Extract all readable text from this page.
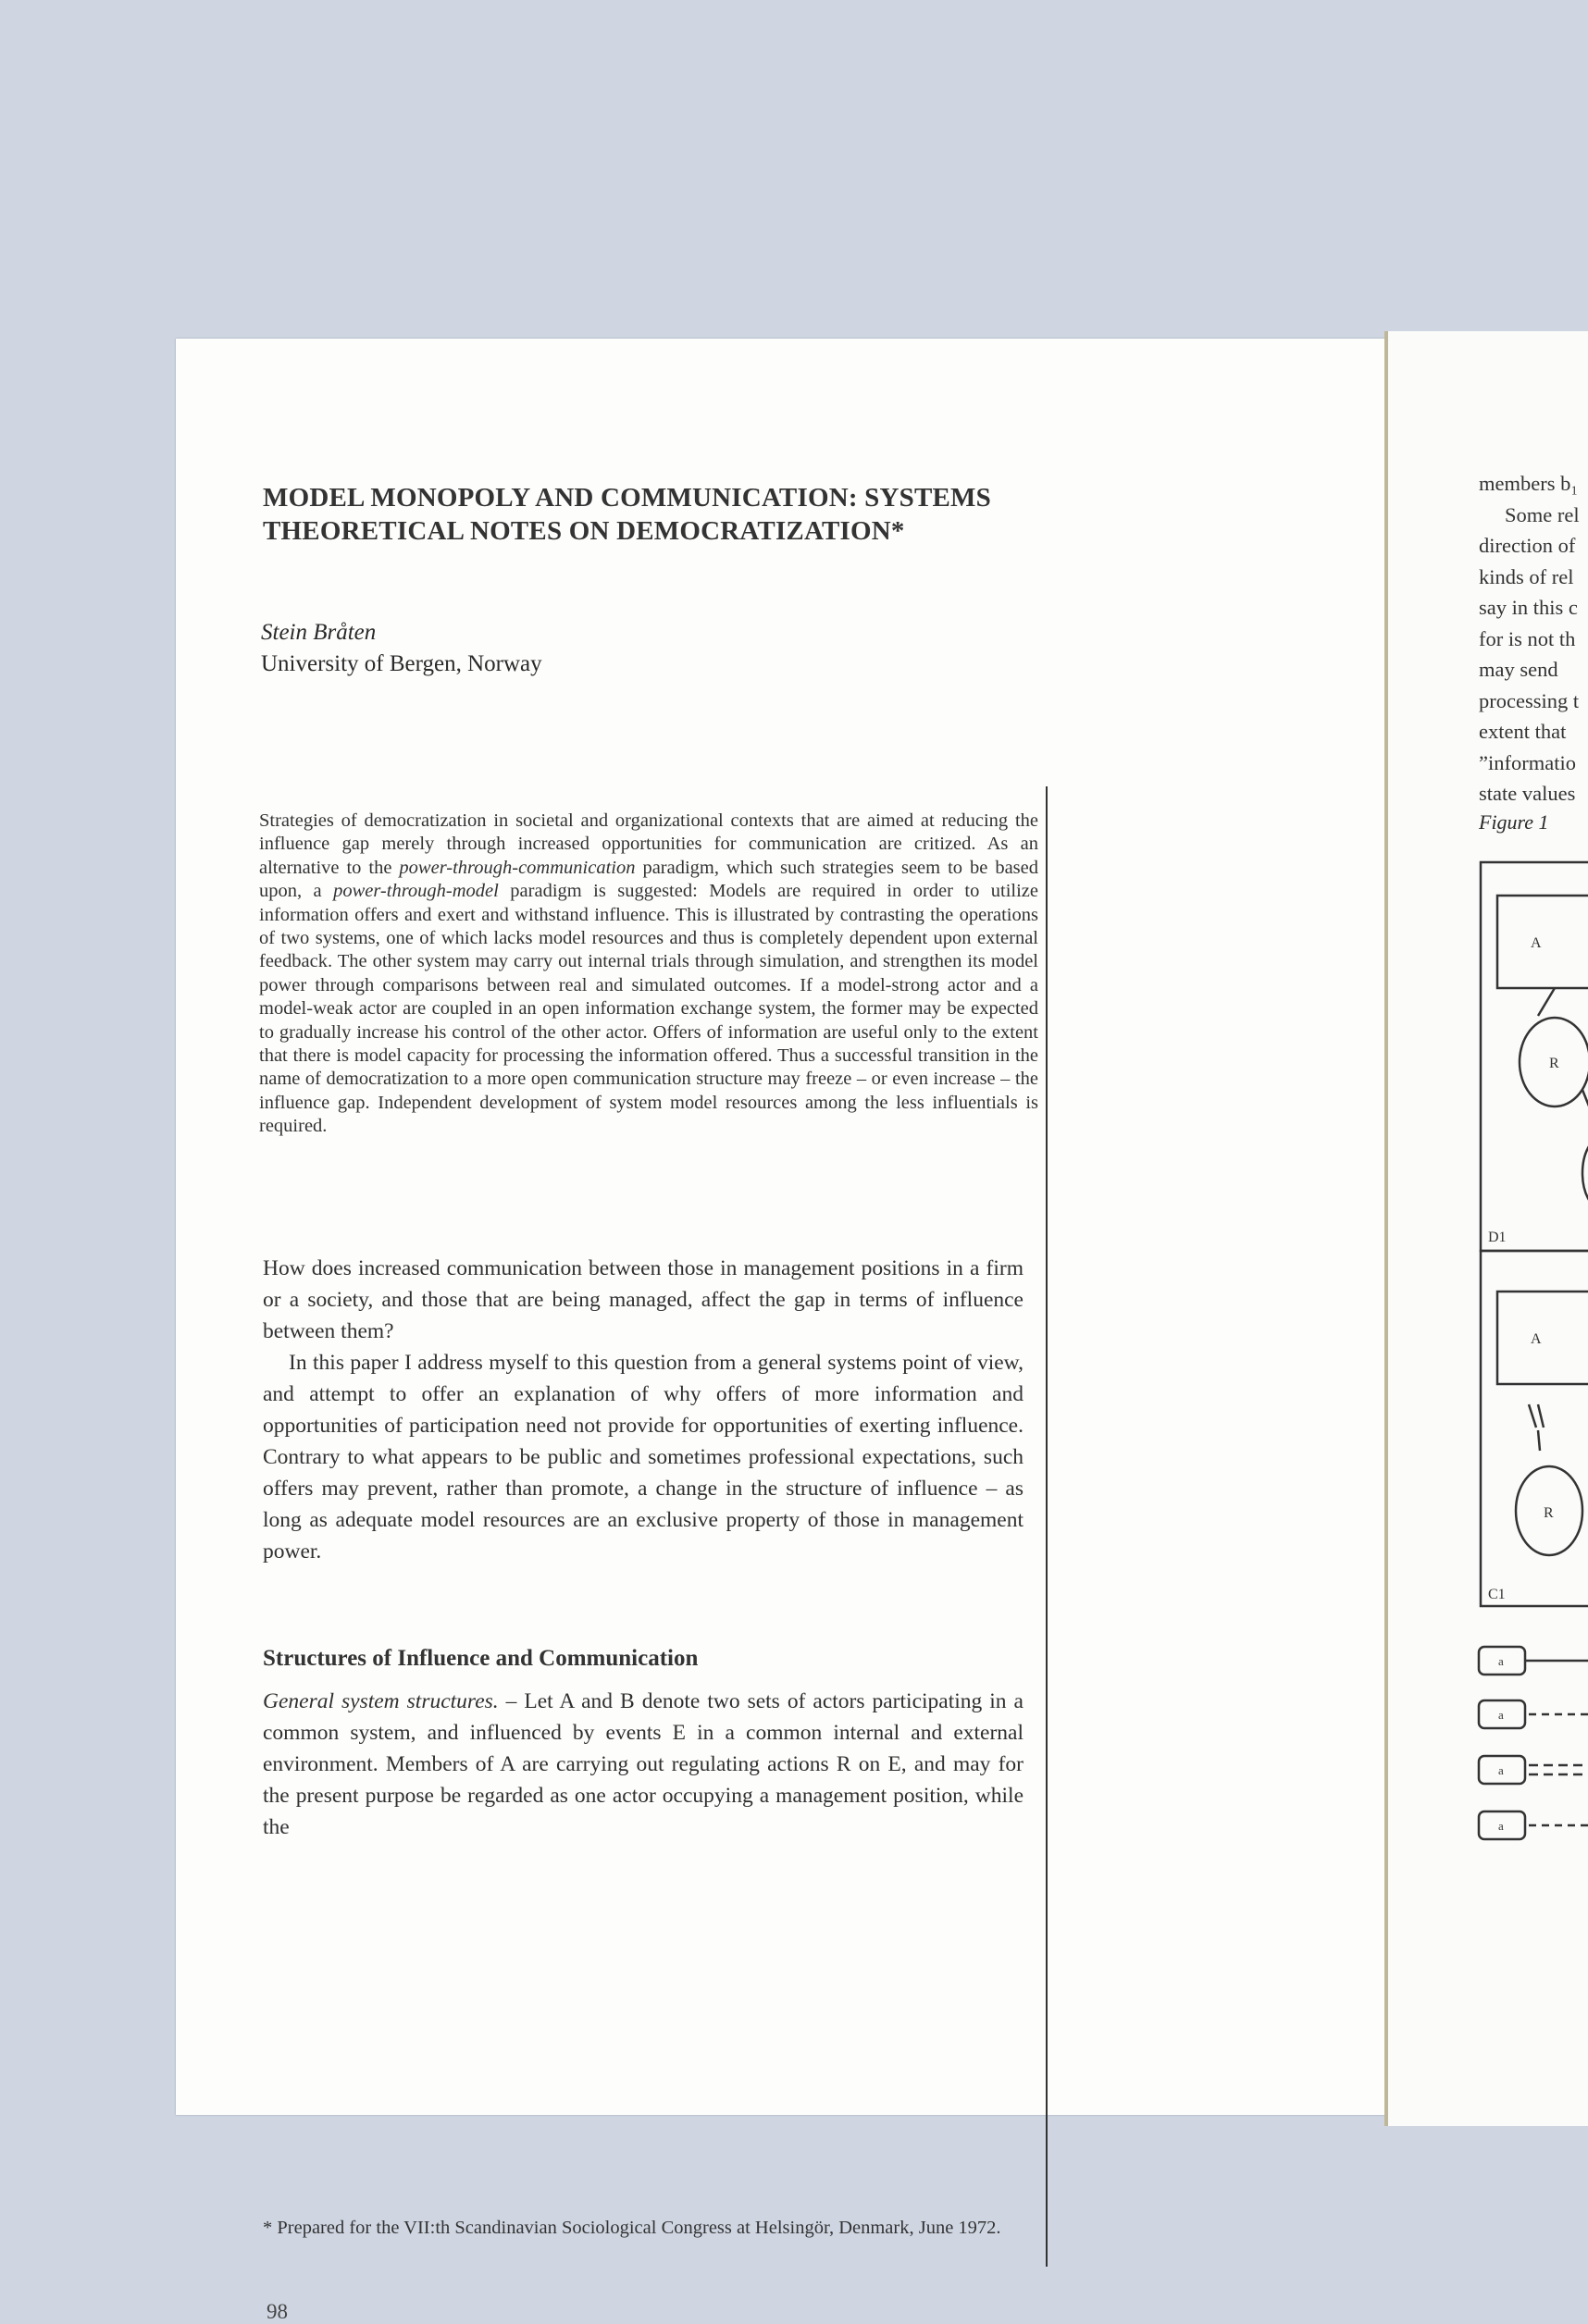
MODEL MONOPOLY AND COMMUNICATION: SYSTEMS THEORETICAL NOTES ON DEMOCRATIZATION*
Stein Bråten
University of Bergen, Norway
Strategies of democratization in societal and organizational contexts that are aimed at reducing the influence gap merely through increased opportunities for communication are critized. As an alternative to the power-through-communication paradigm, which such strategies seem to be based upon, a power-through-model paradigm is suggested: Models are required in order to utilize information offers and exert and withstand influence. This is illustrated by contrasting the operations of two systems, one of which lacks model resources and thus is completely dependent upon external feedback. The other system may carry out internal trials through simulation, and strengthen its model power through comparisons between real and simulated outcomes. If a model-strong actor and a model-weak actor are coupled in an open information exchange system, the former may be expected to gradually increase his control of the other actor. Offers of information are useful only to the extent that there is model capacity for processing the information offered. Thus a successful transition in the name of democratization to a more open communication structure may freeze – or even increase – the influence gap. Independent development of system model resources among the less influentials is required.

How does increased communication between those in management positions in a firm or a society, and those that are being managed, affect the gap in terms of influence between them?

In this paper I address myself to this question from a general systems point of view, and attempt to offer an explanation of why offers of more information and opportunities of participation need not provide for opportunities of exerting influence. Contrary to what appears to be public and sometimes professional expectations, such offers may prevent, rather than promote, a change in the structure of influence – as long as adequate model resources are an exclusive property of those in management power.

Structures of Influence and Communication

General system structures. – Let A and B denote two sets of actors participating in a common system, and influenced by events E in a common internal and external environment. Members of A are carrying out regulating actions R on E, and may for the present purpose be regarded as one actor occupying a management position, while the

* Prepared for the VII:th Scandinavian Sociological Congress at Helsingör, Denmark, June 1972.
98
members b₁
Some rel
direction of
kinds of rel
say in this c
for is not th
may send
processing t
extent that
”informatio
state values
Figure 1
A
R
D1
A
R
C1
a
a
a
a
